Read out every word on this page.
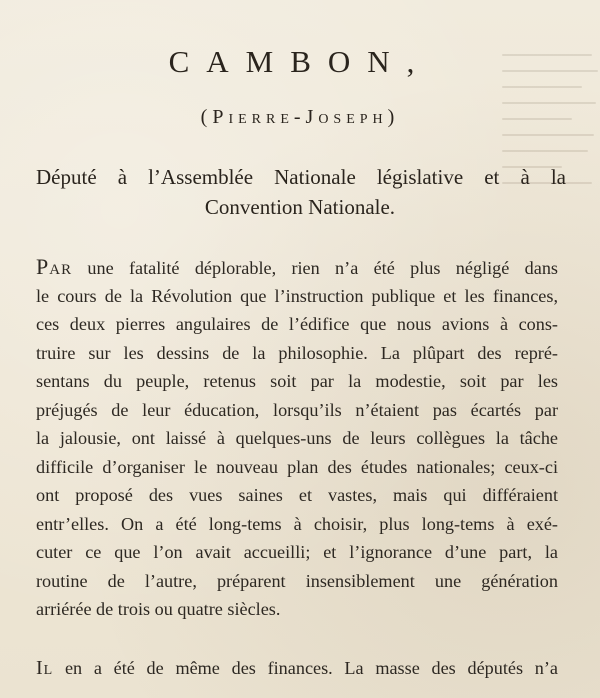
CAMBON,
(Pierre-Joseph)
Député à l’Assemblée Nationale législative et à la
Convention Nationale.
Par une fatalité déplorable, rien n’a été plus négligé dans
le cours de la Révolution que l’instruction publique et les finances,
ces deux pierres angulaires de l’édifice que nous avions à cons-
truire sur les dessins de la philosophie. La plûpart des repré-
sentans du peuple, retenus soit par la modestie, soit par les
préjugés de leur éducation, lorsqu’ils n’étaient pas écartés par
la jalousie, ont laissé à quelques-uns de leurs collègues la tâche
difficile d’organiser le nouveau plan des études nationales; ceux-ci
ont proposé des vues saines et vastes, mais qui différaient
entr’elles. On a été long-tems à choisir, plus long-tems à exé-
cuter ce que l’on avait accueilli; et l’ignorance d’une part, la
routine de l’autre, préparent insensiblement une génération
arriérée de trois ou quatre siècles.
Il en a été de même des finances. La masse des députés n’a
